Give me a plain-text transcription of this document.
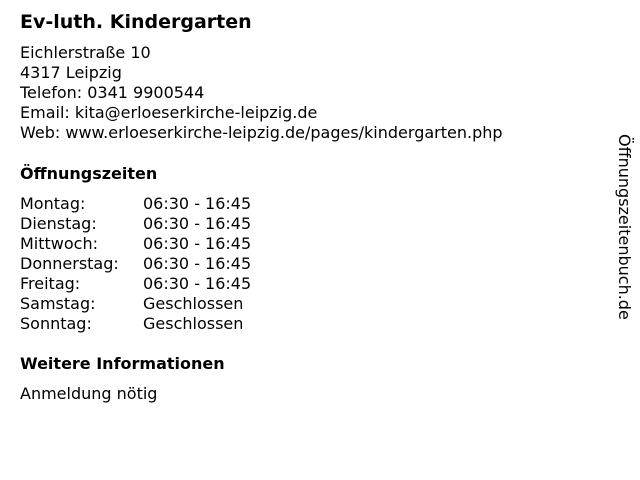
Ev-luth. Kindergarten
Eichlerstraße 10
4317 Leipzig
Telefon: 0341 9900544
Email: kita@erloeserkirche-leipzig.de
Web: www.erloeserkirche-leipzig.de/pages/kindergarten.php
Öffnungszeiten
Montag:	06:30 - 16:45
Dienstag:	06:30 - 16:45
Mittwoch:	06:30 - 16:45
Donnerstag: 06:30 - 16:45
Freitag:	06:30 - 16:45
Samstag:	Geschlossen
Sonntag:	Geschlossen
Weitere Informationen
Anmeldung nötig
Öffnungszeitenbuch.de
